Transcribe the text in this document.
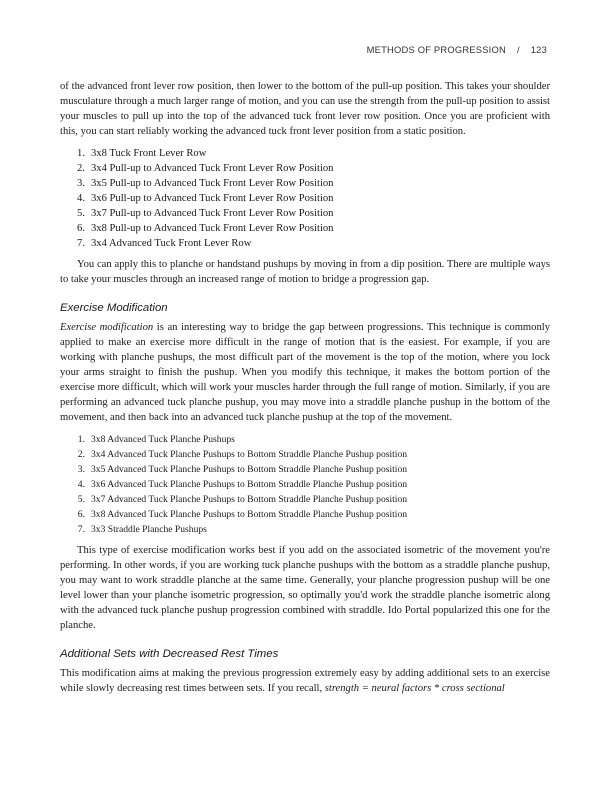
METHODS OF PROGRESSION / 123

of the advanced front lever row position, then lower to the bottom of the pull-up position. This takes your shoulder musculature through a much larger range of motion, and you can use the strength from the pull-up position to assist your muscles to pull up into the top of the advanced tuck front lever row position. Once you are proficient with this, you can start reliably working the advanced tuck front lever position from a static position.

1. 3x8 Tuck Front Lever Row
2. 3x4 Pull-up to Advanced Tuck Front Lever Row Position
3. 3x5 Pull-up to Advanced Tuck Front Lever Row Position
4. 3x6 Pull-up to Advanced Tuck Front Lever Row Position
5. 3x7 Pull-up to Advanced Tuck Front Lever Row Position
6. 3x8 Pull-up to Advanced Tuck Front Lever Row Position
7. 3x4 Advanced Tuck Front Lever Row

You can apply this to planche or handstand pushups by moving in from a dip position. There are multiple ways to take your muscles through an increased range of motion to bridge a progression gap.

Exercise Modification

Exercise modification is an interesting way to bridge the gap between progressions. This technique is commonly applied to make an exercise more difficult in the range of motion that is the easiest. For example, if you are working with planche pushups, the most difficult part of the movement is the top of the motion, where you lock your arms straight to finish the pushup. When you modify this technique, it makes the bottom portion of the exercise more difficult, which will work your muscles harder through the full range of motion. Similarly, if you are performing an advanced tuck planche pushup, you may move into a straddle planche pushup in the bottom of the movement, and then back into an advanced tuck planche pushup at the top of the movement.

1. 3x8 Advanced Tuck Planche Pushups
2. 3x4 Advanced Tuck Planche Pushups to Bottom Straddle Planche Pushup position
3. 3x5 Advanced Tuck Planche Pushups to Bottom Straddle Planche Pushup position
4. 3x6 Advanced Tuck Planche Pushups to Bottom Straddle Planche Pushup position
5. 3x7 Advanced Tuck Planche Pushups to Bottom Straddle Planche Pushup position
6. 3x8 Advanced Tuck Planche Pushups to Bottom Straddle Planche Pushup position
7. 3x3 Straddle Planche Pushups

This type of exercise modification works best if you add on the associated isometric of the movement you're performing. In other words, if you are working tuck planche pushups with the bottom as a straddle planche pushup, you may want to work straddle planche at the same time. Generally, your planche progression pushup will be one level lower than your planche isometric progression, so optimally you'd work the straddle planche isometric along with the advanced tuck planche pushup progression combined with straddle. Ido Portal popularized this one for the planche.

Additional Sets with Decreased Rest Times

This modification aims at making the previous progression extremely easy by adding additional sets to an exercise while slowly decreasing rest times between sets. If you recall, strength = neural factors * cross sectional
